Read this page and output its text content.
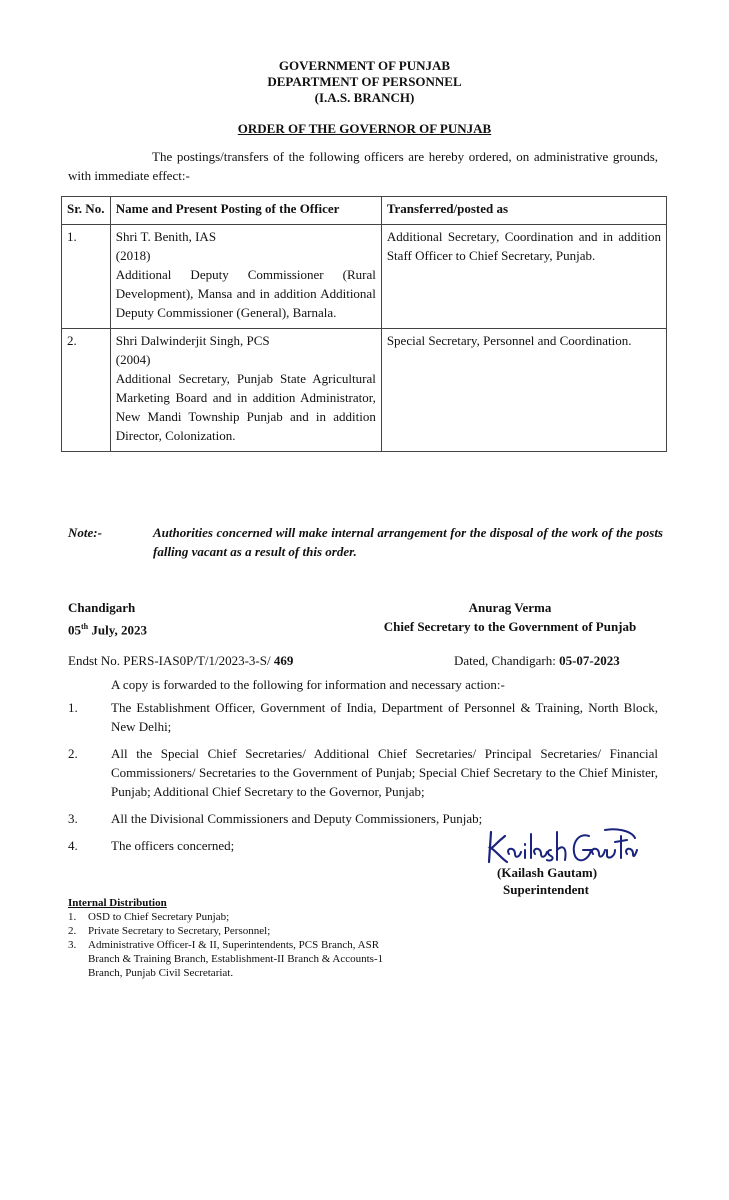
GOVERNMENT OF PUNJAB
DEPARTMENT OF PERSONNEL
(I.A.S. BRANCH)
ORDER OF THE GOVERNOR OF PUNJAB
The postings/transfers of the following officers are hereby ordered, on administrative grounds, with immediate effect:-
Sr. No.	Name and Present Posting of the Officer	Transferred/posted as
1.	Shri T. Benith, IAS
(2018)
Additional Deputy Commissioner (Rural Development), Mansa and in addition Additional Deputy Commissioner (General), Barnala.	Additional Secretary, Coordination and in addition Staff Officer to Chief Secretary, Punjab.
2.	Shri Dalwinderjit Singh, PCS
(2004)
Additional Secretary, Punjab State Agricultural Marketing Board and in addition Administrator, New Mandi Township Punjab and in addition Director, Colonization.	Special Secretary, Personnel and Coordination.
Note:-	Authorities concerned will make internal arrangement for the disposal of the work of the posts falling vacant as a result of this order.
Chandigarh
05th July, 2023
Anurag Verma
Chief Secretary to the Government of Punjab
Endst No. PERS-IAS0P/T/1/2023-3-S/ 469	Dated, Chandigarh: 05-07-2023
A copy is forwarded to the following for information and necessary action:-
1.	The Establishment Officer, Government of India, Department of Personnel & Training, North Block, New Delhi;
2.	All the Special Chief Secretaries/ Additional Chief Secretaries/ Principal Secretaries/ Financial Commissioners/ Secretaries to the Government of Punjab; Special Chief Secretary to the Chief Minister, Punjab; Additional Chief Secretary to the Governor, Punjab;
3.	All the Divisional Commissioners and Deputy Commissioners, Punjab;
4.	The officers concerned;
(Kailash Gautam)
Superintendent
Internal Distribution
1. OSD to Chief Secretary Punjab;
2. Private Secretary to Secretary, Personnel;
3. Administrative Officer-I & II, Superintendents, PCS Branch, ASR Branch & Training Branch, Establishment-II Branch & Accounts-1 Branch, Punjab Civil Secretariat.
